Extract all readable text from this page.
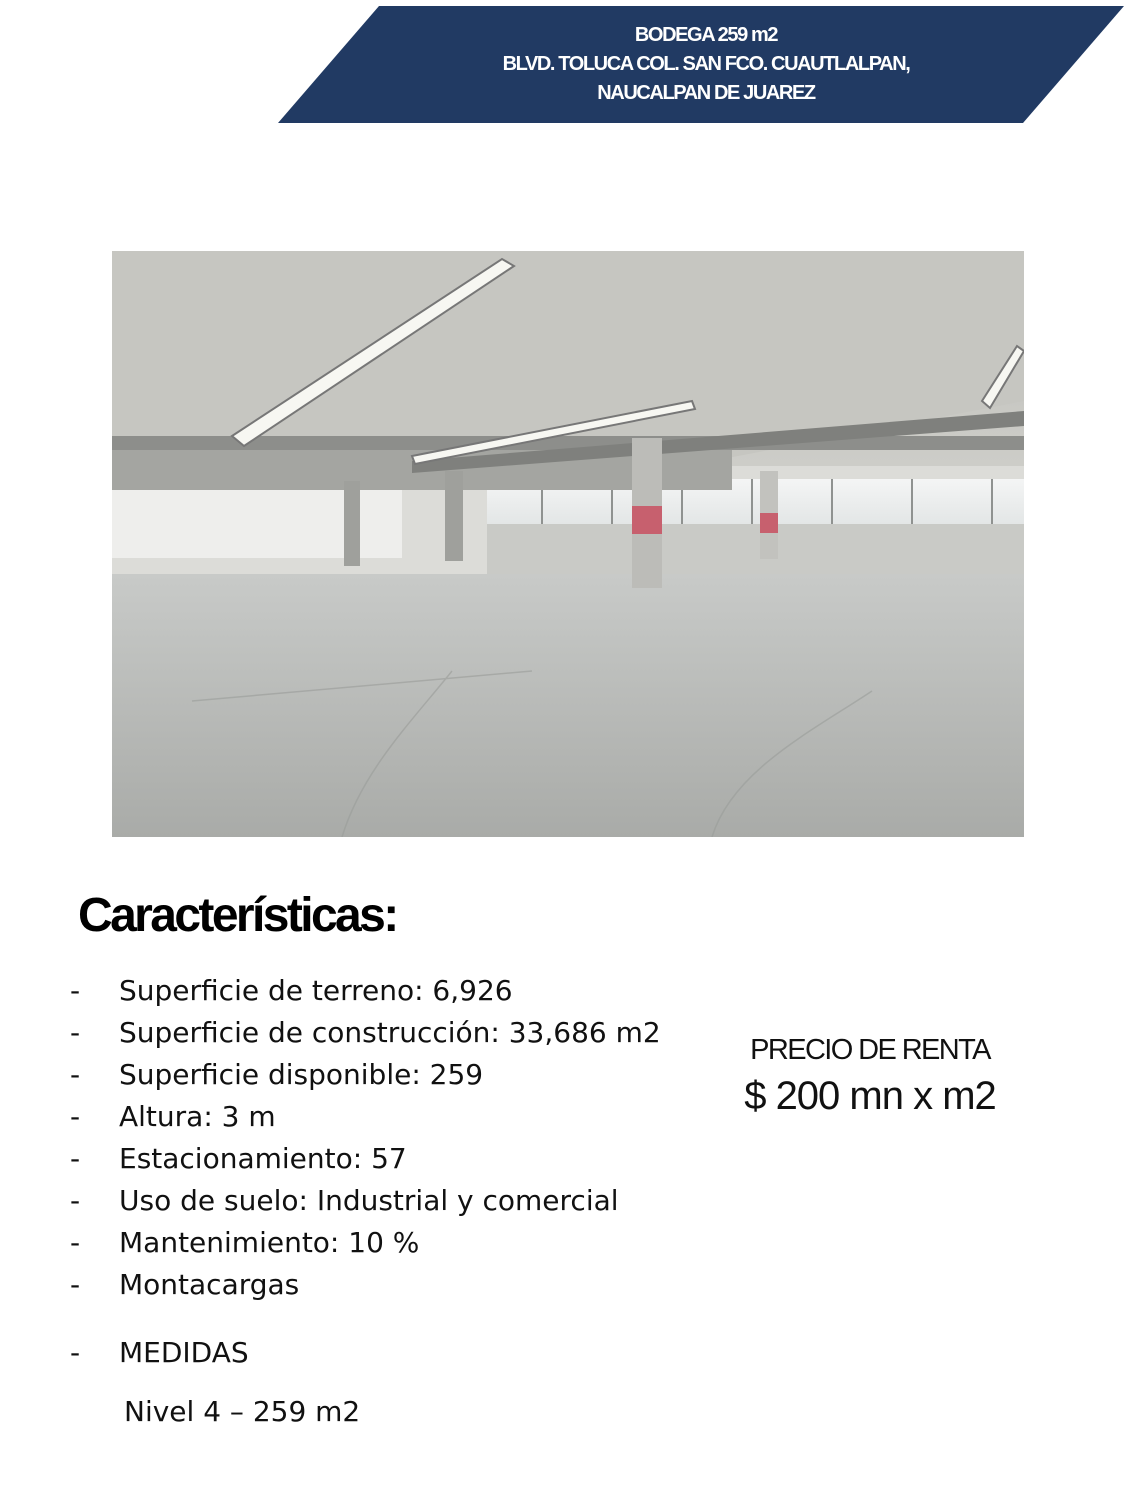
BODEGA 259 m2
BLVD. TOLUCA COL. SAN FCO. CUAUTLALPAN,
NAUCALPAN DE JUAREZ
Características:
- Superficie de terreno: 6,926
- Superficie de construcción: 33,686 m2
- Superficie disponible: 259
- Altura: 3 m
- Estacionamiento: 57
- Uso de suelo: Industrial y comercial
- Mantenimiento: 10 %
- Montacargas
- MEDIDAS
Nivel 4 – 259 m2
PRECIO DE RENTA
$ 200 mn x m2
